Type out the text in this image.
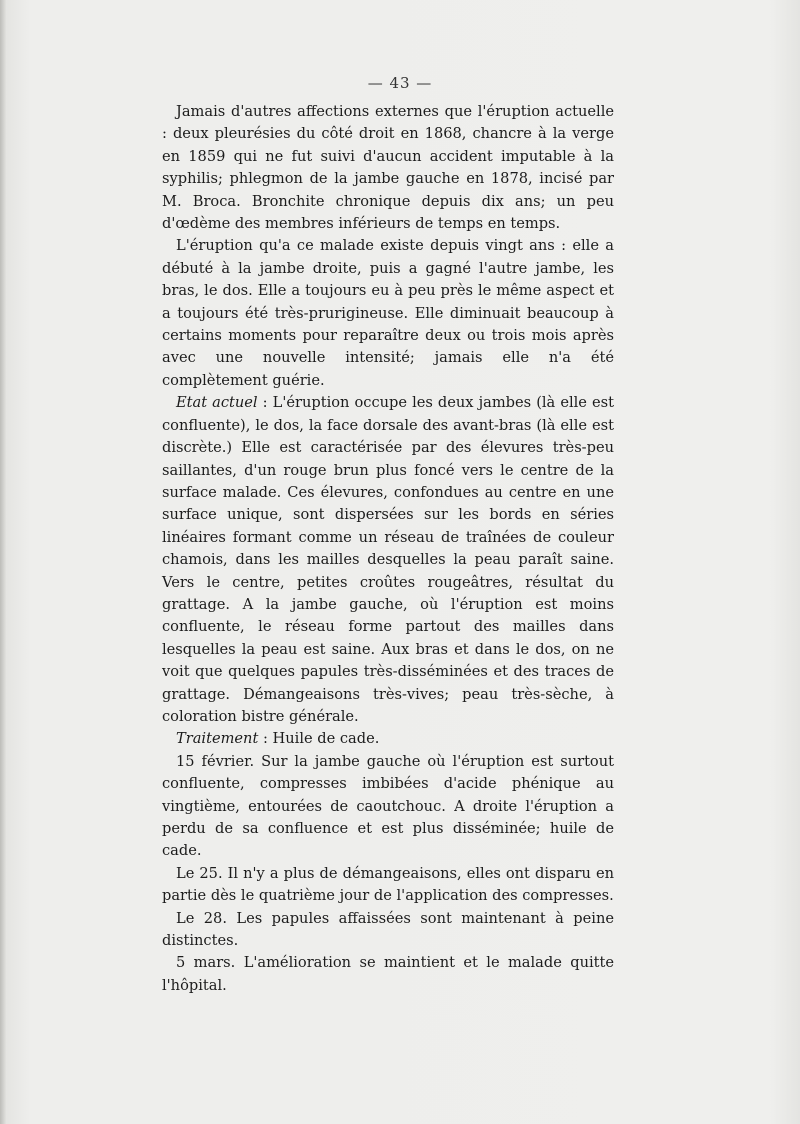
— 43 —

Jamais d'autres affections externes que l'éruption actuelle : deux pleurésies du côté droit en 1868, chancre à la verge en 1859 qui ne fut suivi d'aucun accident imputable à la syphilis; phlegmon de la jambe gauche en 1878, incisé par M. Broca. Bronchite chronique depuis dix ans; un peu d'œdème des membres inférieurs de temps en temps.

L'éruption qu'a ce malade existe depuis vingt ans : elle a débuté à la jambe droite, puis a gagné l'autre jambe, les bras, le dos. Elle a toujours eu à peu près le même aspect et a toujours été très-prurigineuse. Elle diminuait beaucoup à certains moments pour reparaître deux ou trois mois après avec une nouvelle intensité; jamais elle n'a été complètement guérie.

Etat actuel : L'éruption occupe les deux jambes (là elle est confluente), le dos, la face dorsale des avant-bras (là elle est discrète.) Elle est caractérisée par des élevures très-peu saillantes, d'un rouge brun plus foncé vers le centre de la surface malade. Ces élevures, confondues au centre en une surface unique, sont dispersées sur les bords en séries linéaires formant comme un réseau de traînées de couleur chamois, dans les mailles desquelles la peau paraît saine. Vers le centre, petites croûtes rougeâtres, résultat du grattage. A la jambe gauche, où l'éruption est moins confluente, le réseau forme partout des mailles dans lesquelles la peau est saine. Aux bras et dans le dos, on ne voit que quelques papules très-disséminées et des traces de grattage. Démangeaisons très-vives; peau très-sèche, à coloration bistre générale.

Traitement : Huile de cade.

15 février. Sur la jambe gauche où l'éruption est surtout confluente, compresses imbibées d'acide phénique au vingtième, entourées de caoutchouc. A droite l'éruption a perdu de sa confluence et est plus disséminée; huile de cade.

Le 25. Il n'y a plus de démangeaisons, elles ont disparu en partie dès le quatrième jour de l'application des compresses.

Le 28. Les papules affaissées sont maintenant à peine distinctes.

5 mars. L'amélioration se maintient et le malade quitte l'hôpital.
